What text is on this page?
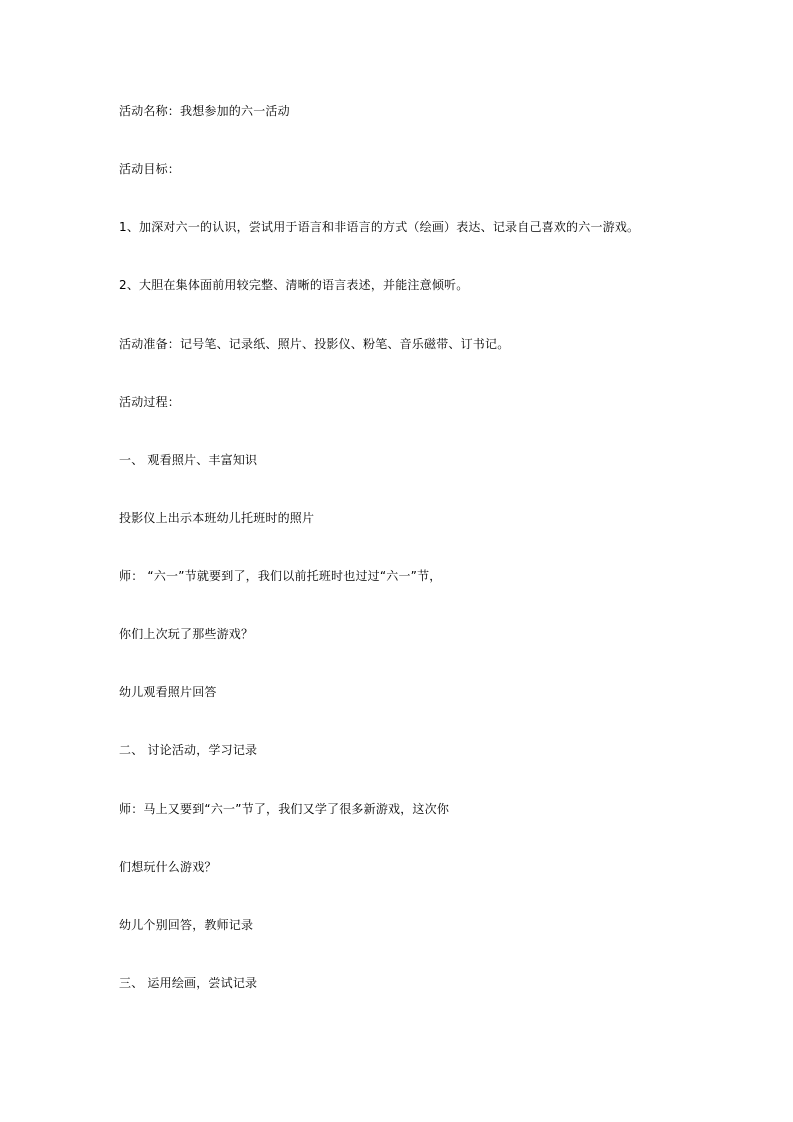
活动名称：我想参加的六一活动
活动目标：
1、加深对六一的认识，尝试用于语言和非语言的方式（绘画）表达、记录自己喜欢的六一游戏。
2、大胆在集体面前用较完整、清晰的语言表述，并能注意倾听。
活动准备：记号笔、记录纸、照片、投影仪、粉笔、音乐磁带、订书记。
活动过程：
一、 观看照片、丰富知识
投影仪上出示本班幼儿托班时的照片
师： “六一”节就要到了，我们以前托班时也过过“六一”节，
你们上次玩了那些游戏？
幼儿观看照片回答
二、 讨论活动，学习记录
师：马上又要到“六一”节了，我们又学了很多新游戏，这次你
们想玩什么游戏？
幼儿个别回答，教师记录
三、 运用绘画，尝试记录
